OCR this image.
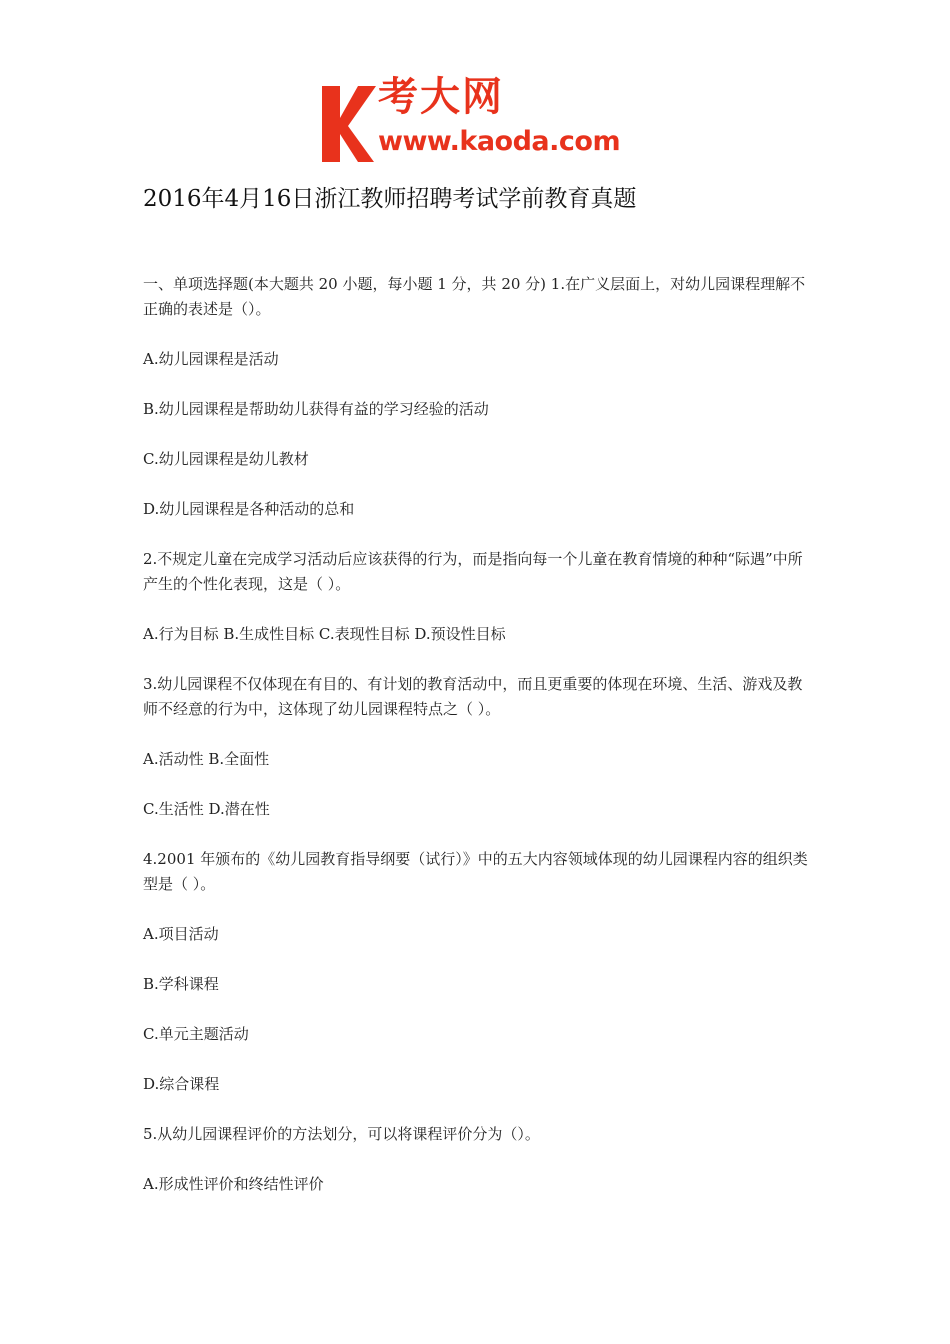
考大网
www.kaoda.com
2016年4月16日浙江教师招聘考试学前教育真题

一、单项选择题(本大题共 20 小题，每小题 1 分，共 20 分) 1.在广义层面上，对幼儿园课程理解不正确的表述是（）。

A.幼儿园课程是活动

B.幼儿园课程是帮助幼儿获得有益的学习经验的活动

C.幼儿园课程是幼儿教材

D.幼儿园课程是各种活动的总和

2.不规定儿童在完成学习活动后应该获得的行为，而是指向每一个儿童在教育情境的种种“际遇”中所产生的个性化表现，这是（ ）。

A.行为目标 B.生成性目标 C.表现性目标 D.预设性目标

3.幼儿园课程不仅体现在有目的、有计划的教育活动中，而且更重要的体现在环境、生活、游戏及教师不经意的行为中，这体现了幼儿园课程特点之（ ）。

A.活动性 B.全面性

C.生活性 D.潜在性

4.2001 年颁布的《幼儿园教育指导纲要（试行）》中的五大内容领域体现的幼儿园课程内容的组织类型是（ ）。

A.项目活动

B.学科课程

C.单元主题活动

D.综合课程

5.从幼儿园课程评价的方法划分，可以将课程评价分为（）。

A.形成性评价和终结性评价
